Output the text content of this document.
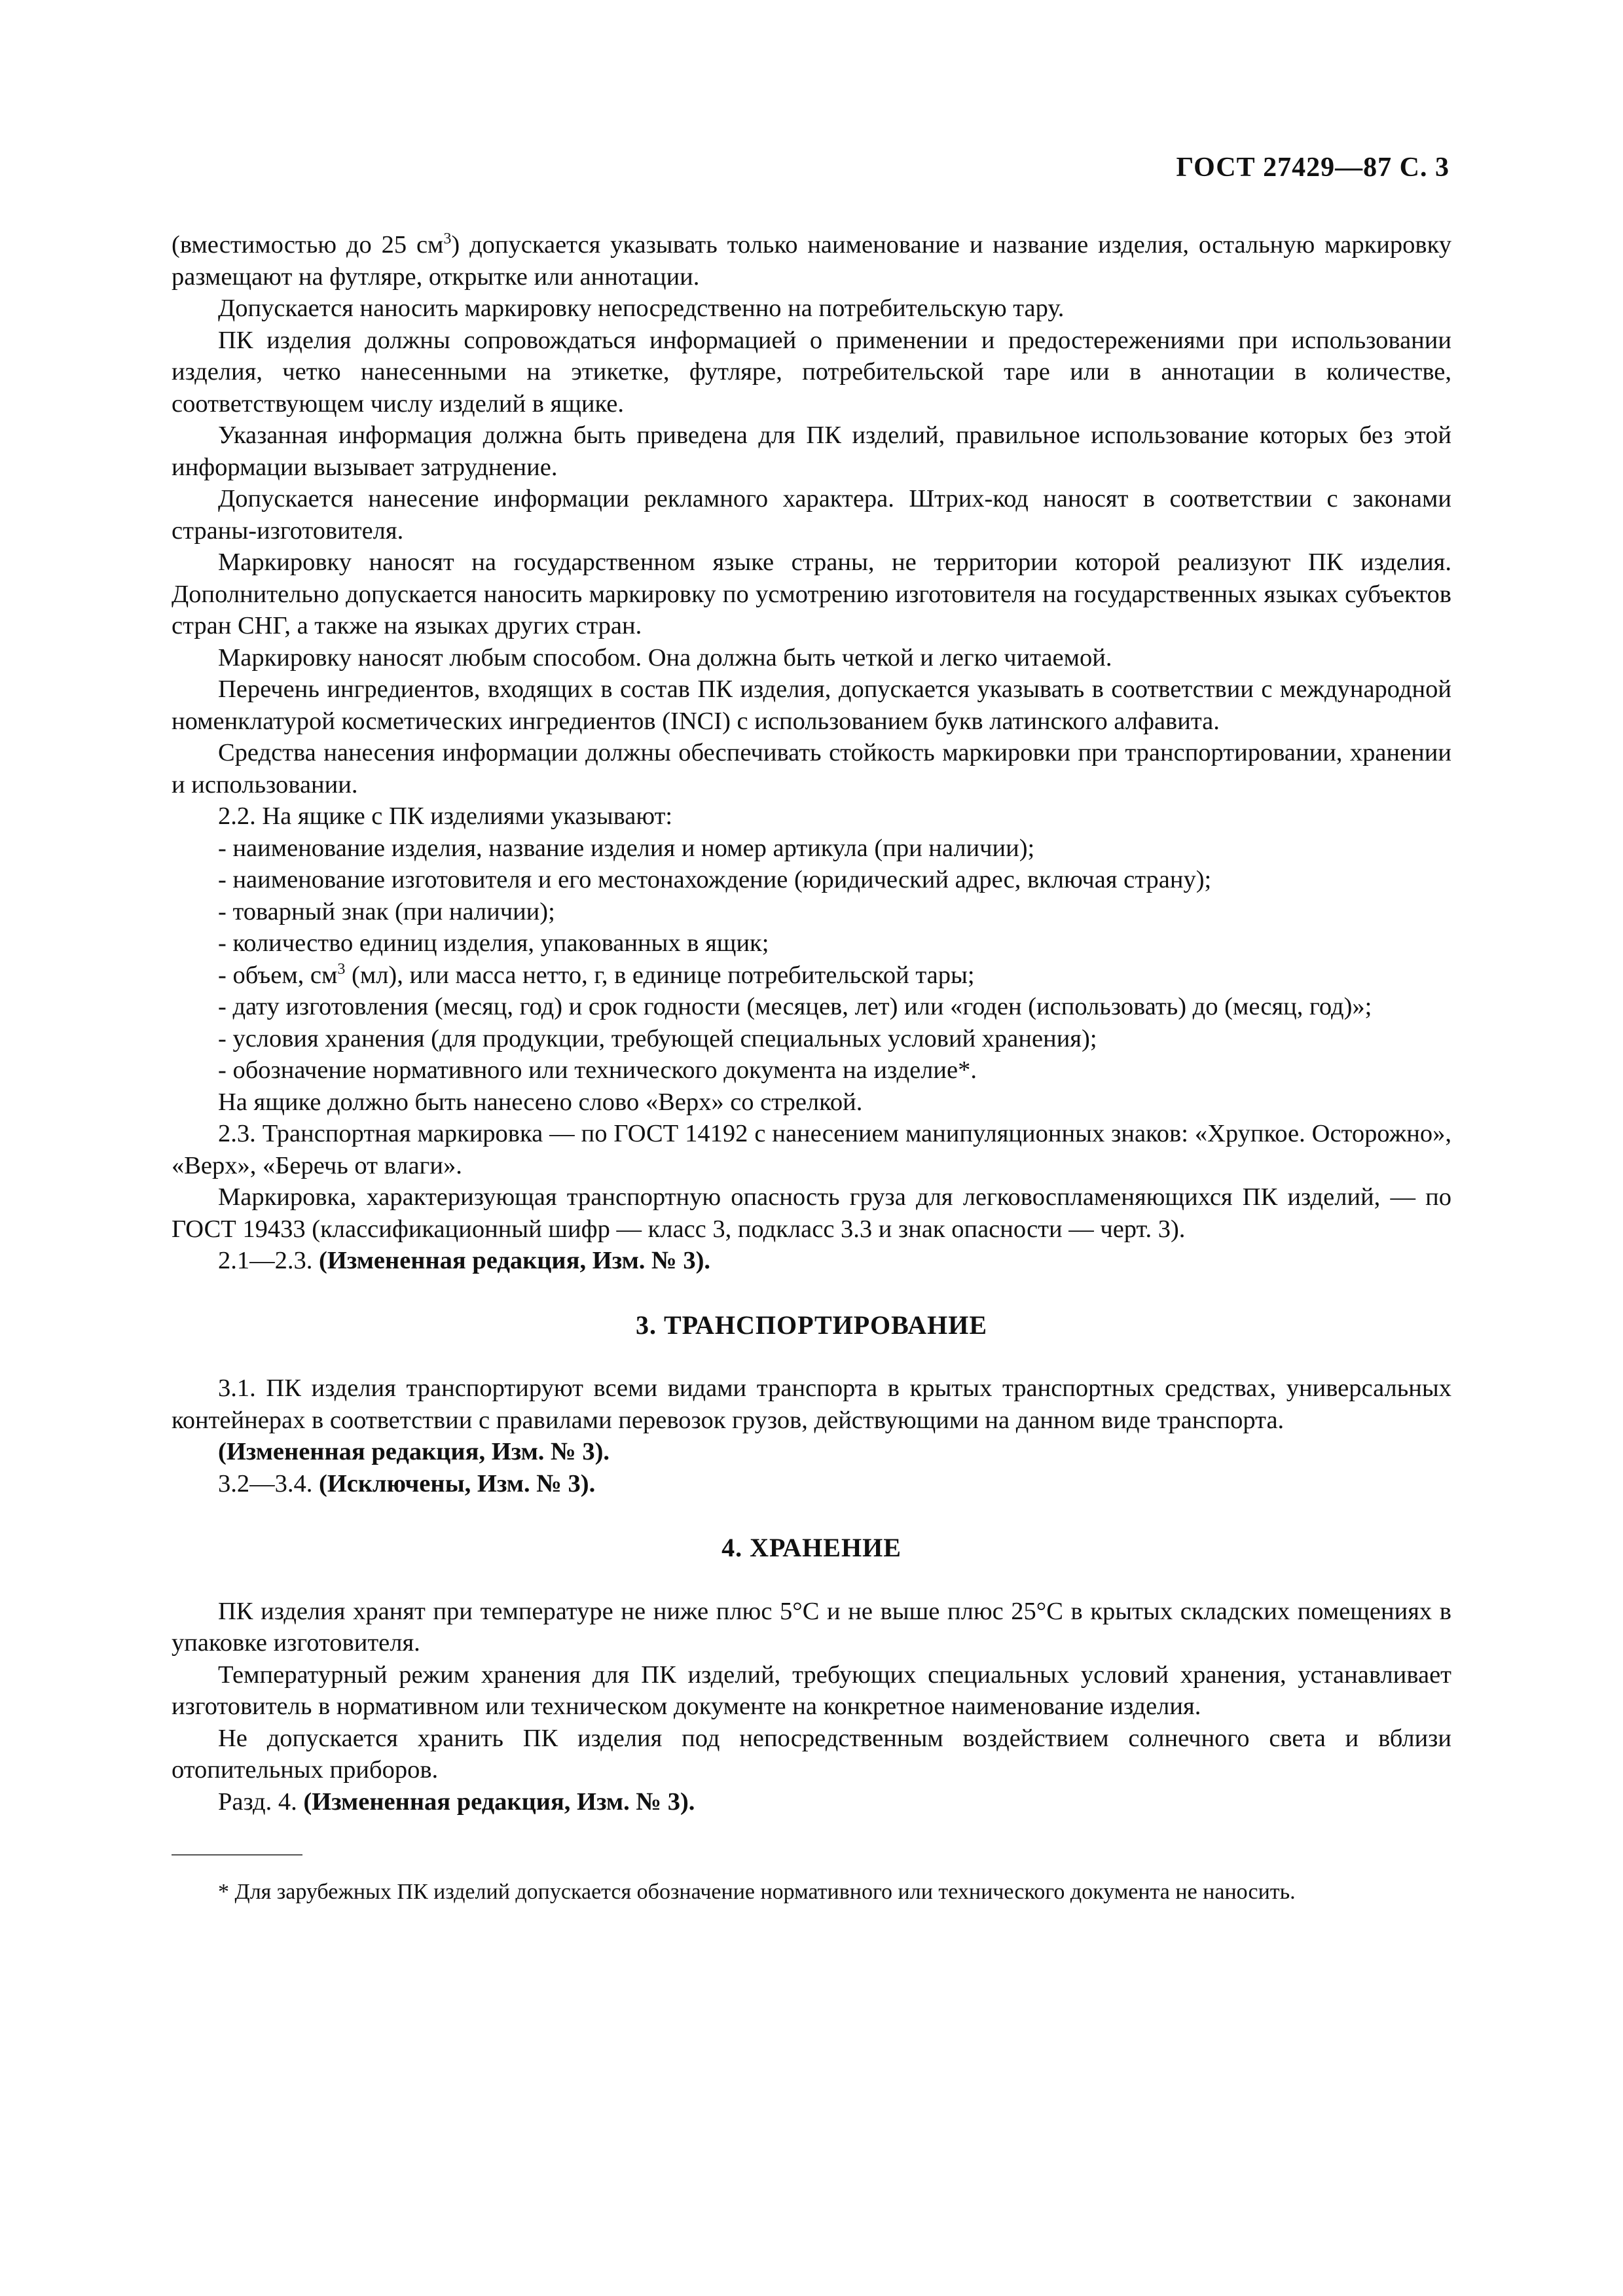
ГОСТ 27429—87 С. 3

(вместимостью до 25 $см^3$) допускается указывать только наименование и название изделия, остальную маркировку размещают на футляре, открытке или аннотации.

Допускается наносить маркировку непосредственно на потребительскую тару.

ПК изделия должны сопровождаться информацией о применении и предостережениями при использовании изделия, четко нанесенными на этикетке, футляре, потребительской таре или в аннотации в количестве, соответствующем числу изделий в ящике.

Указанная информация должна быть приведена для ПК изделий, правильное использование которых без этой информации вызывает затруднение.

Допускается нанесение информации рекламного характера. Штрих-код наносят в соответствии с законами страны-изготовителя.

Маркировку наносят на государственном языке страны, не территории которой реализуют ПК изделия. Дополнительно допускается наносить маркировку по усмотрению изготовителя на государственных языках субъектов стран СНГ, а также на языках других стран.

Маркировку наносят любым способом. Она должна быть четкой и легко читаемой.

Перечень ингредиентов, входящих в состав ПК изделия, допускается указывать в соответствии с международной номенклатурой косметических ингредиентов (INCI) с использованием букв латинского алфавита.

Средства нанесения информации должны обеспечивать стойкость маркировки при транспортировании, хранении и использовании.

2.2. На ящике с ПК изделиями указывают:

- наименование изделия, название изделия и номер артикула (при наличии);

- наименование изготовителя и его местонахождение (юридический адрес, включая страну);

- товарный знак (при наличии);

- количество единиц изделия, упакованных в ящик;

- объем, $см^3$ (мл), или масса нетто, г, в единице потребительской тары;

- дату изготовления (месяц, год) и срок годности (месяцев, лет) или «годен (использовать) до (месяц, год)»;

- условия хранения (для продукции, требующей специальных условий хранения);

- обозначение нормативного или технического документа на изделие*.

На ящике должно быть нанесено слово «Верх» со стрелкой.

2.3. Транспортная маркировка — по ГОСТ 14192 с нанесением манипуляционных знаков: «Хрупкое. Осторожно», «Верх», «Беречь от влаги».

Маркировка, характеризующая транспортную опасность груза для легковоспламеняющихся ПК изделий, — по ГОСТ 19433 (классификационный шифр — класс 3, подкласс 3.3 и знак опасности — черт. 3).

2.1—2.3. (Измененная редакция, Изм. № 3).

3. ТРАНСПОРТИРОВАНИЕ

3.1. ПК изделия транспортируют всеми видами транспорта в крытых транспортных средствах, универсальных контейнерах в соответствии с правилами перевозок грузов, действующими на данном виде транспорта.

(Измененная редакция, Изм. № 3).

3.2—3.4. (Исключены, Изм. № 3).

4. ХРАНЕНИЕ

ПК изделия хранят при температуре не ниже плюс 5°С и не выше плюс 25°С в крытых складских помещениях в упаковке изготовителя.

Температурный режим хранения для ПК изделий, требующих специальных условий хранения, устанавливает изготовитель в нормативном или техническом документе на конкретное наименование изделия.

Не допускается хранить ПК изделия под непосредственным воздействием солнечного света и вблизи отопительных приборов.

Разд. 4. (Измененная редакция, Изм. № 3).

* Для зарубежных ПК изделий допускается обозначение нормативного или технического документа не наносить.
